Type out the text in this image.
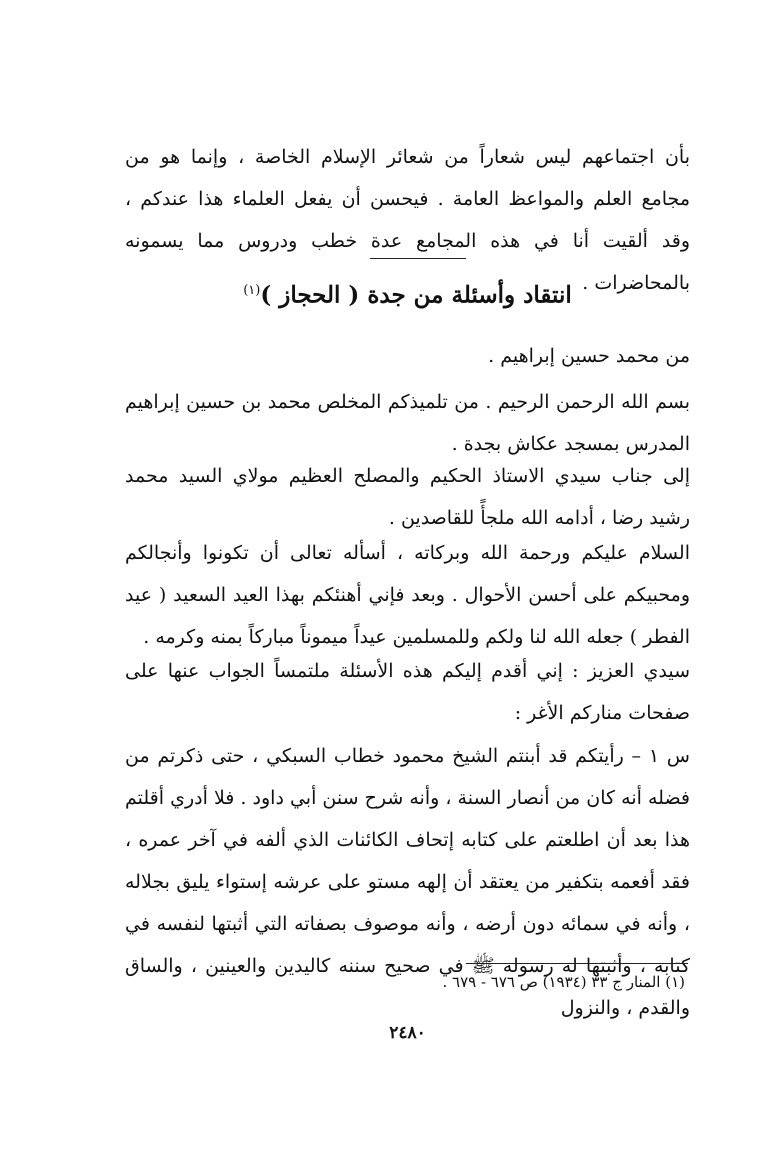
بأن اجتماعهم ليس شعاراً من شعائر الإسلام الخاصة ، وإنما هو من مجامع العلم والمواعظ العامة . فيحسن أن يفعل العلماء هذا عندكم ، وقد ألقيت أنا في هذه المجامع عدة خطب ودروس مما يسمونه بالمحاضرات .

انتقاد وأسئلة من جدة ( الحجاز )$^{(١)}$

من محمد حسين إبراهيم .

بسم الله الرحمن الرحيم . من تلميذكم المخلص محمد بن حسين إبراهيم المدرس بمسجد عكاش بجدة .

إلى جناب سيدي الاستاذ الحكيم والمصلح العظيم مولاي السيد محمد رشيد رضا ، أدامه الله ملجأً للقاصدين .

السلام عليكم ورحمة الله وبركاته ، أسأله تعالى أن تكونوا وأنجالكم ومحبيكم على أحسن الأحوال . وبعد فإني أهنئكم بهذا العيد السعيد ( عيد الفطر ) جعله الله لنا ولكم وللمسلمين عيداً ميموناً مباركاً بمنه وكرمه .

سيدي العزيز : إني أقدم إليكم هذه الأسئلة ملتمساً الجواب عنها على صفحات مناركم الأغر :

س ١ – رأيتكم قد أبنتم الشيخ محمود خطاب السبكي ، حتى ذكرتم من فضله أنه كان من أنصار السنة ، وأنه شرح سنن أبي داود . فلا أدري أقلتم هذا بعد أن اطلعتم على كتابه إتحاف الكائنات الذي ألفه في آخر عمره ، فقد أفعمه بتكفير من يعتقد أن إلهه مستو على عرشه إستواء يليق بجلاله ، وأنه في سمائه دون أرضه ، وأنه موصوف بصفاته التي أثبتها لنفسه في كتابه ، وأثبتها له رسوله ﷺ في صحيح سننه كاليدين والعينين ، والساق والقدم ، والنزول

(١) المنار ج ٣٣ (١٩٣٤) ص ٦٧٦ - ٦٧٩ .
٢٤٨٠
